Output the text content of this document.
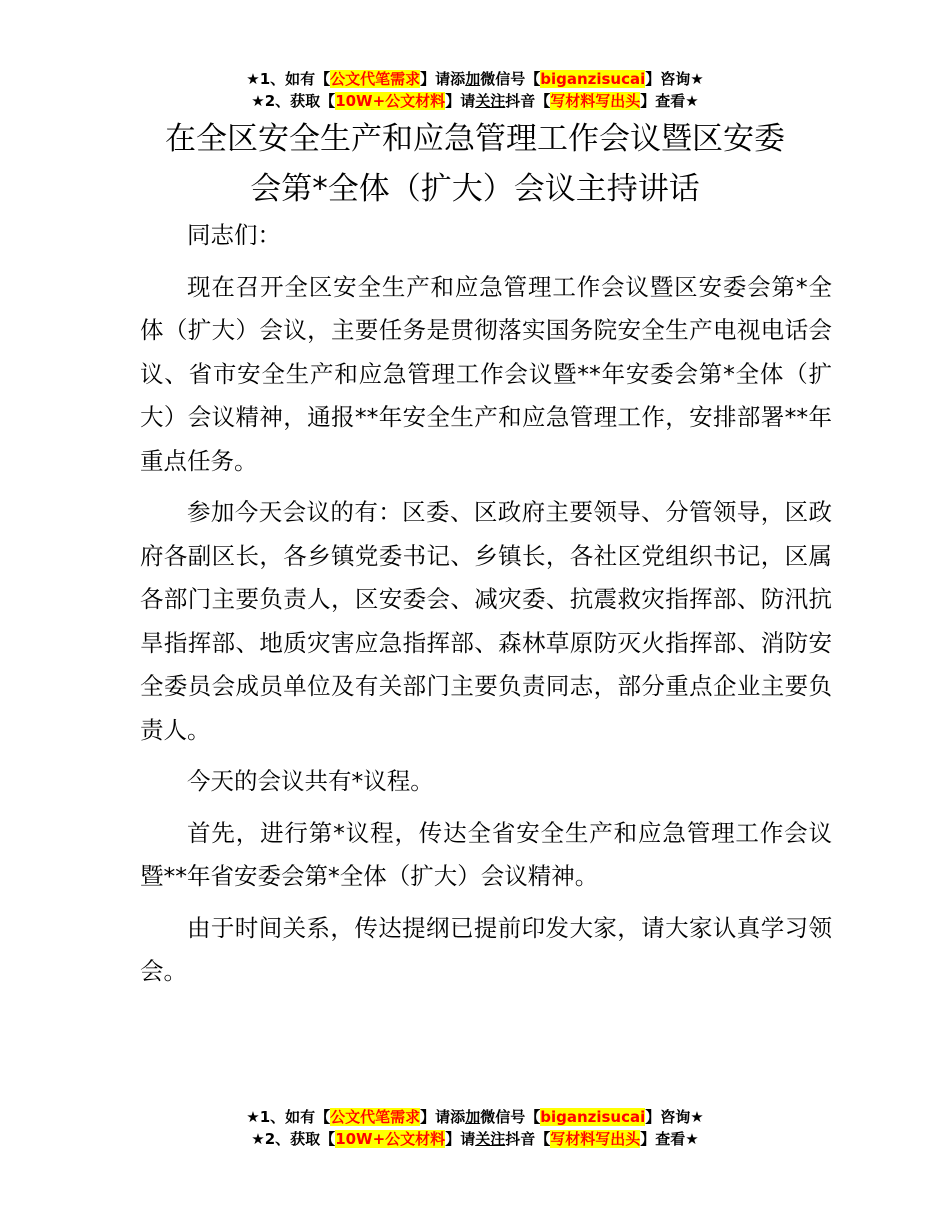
★1、如有【公文代笔需求】请添加微信号【biganzisucai】咨询★
★2、获取【10W+公文材料】请关注抖音【写材料写出头】查看★
在全区安全生产和应急管理工作会议暨区安委
会第*全体（扩大）会议主持讲话

同志们：

现在召开全区安全生产和应急管理工作会议暨区安委会第*全体（扩大）会议，主要任务是贯彻落实国务院安全生产电视电话会议、省市安全生产和应急管理工作会议暨**年安委会第*全体（扩大）会议精神，通报**年安全生产和应急管理工作，安排部署**年重点任务。

参加今天会议的有：区委、区政府主要领导、分管领导，区政府各副区长，各乡镇党委书记、乡镇长，各社区党组织书记，区属各部门主要负责人，区安委会、减灾委、抗震救灾指挥部、防汛抗旱指挥部、地质灾害应急指挥部、森林草原防灭火指挥部、消防安全委员会成员单位及有关部门主要负责同志，部分重点企业主要负责人。

今天的会议共有*议程。

首先，进行第*议程，传达全省安全生产和应急管理工作会议暨**年省安委会第*全体（扩大）会议精神。

由于时间关系，传达提纲已提前印发大家，请大家认真学习领会。

★1、如有【公文代笔需求】请添加微信号【biganzisucai】咨询★
★2、获取【10W+公文材料】请关注抖音【写材料写出头】查看★
